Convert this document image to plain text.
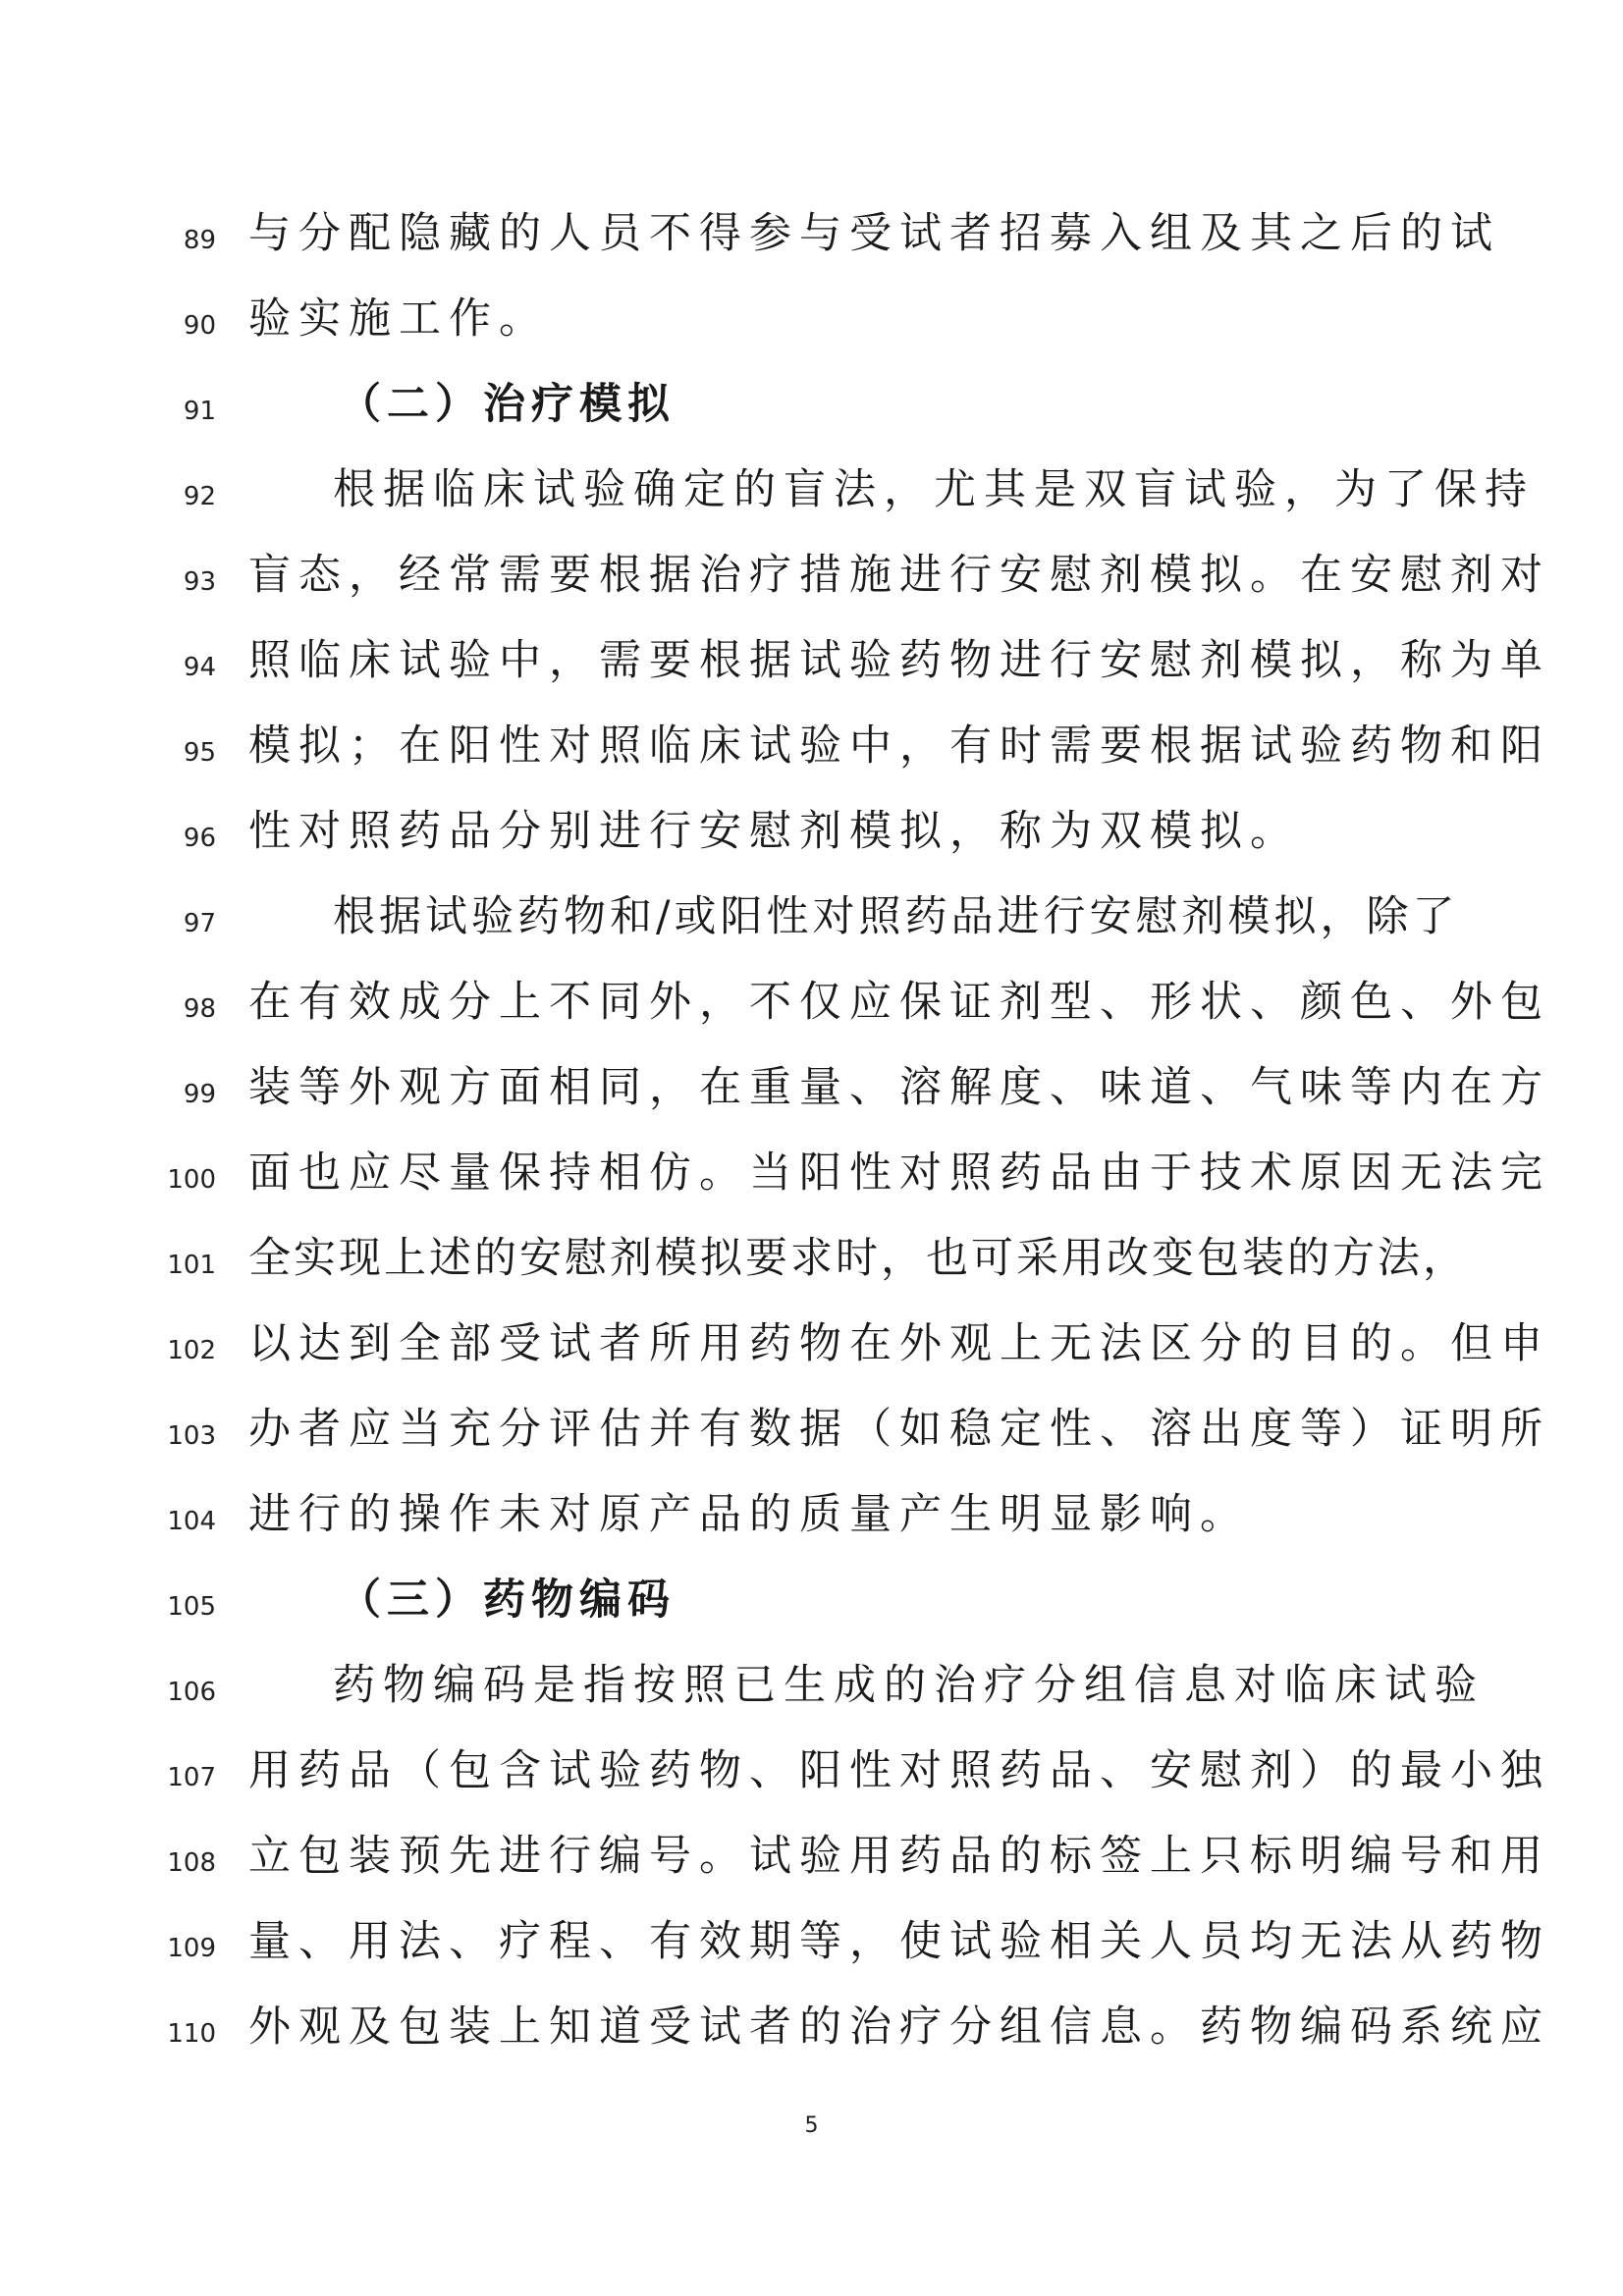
89 与分配隐藏的人员不得参与受试者招募入组及其之后的试
90 验实施工作。
91	（二）治疗模拟
92	根据临床试验确定的盲法，尤其是双盲试验，为了保持
93 盲态，经常需要根据治疗措施进行安慰剂模拟。在安慰剂对
94 照临床试验中，需要根据试验药物进行安慰剂模拟，称为单
95 模拟；在阳性对照临床试验中，有时需要根据试验药物和阳
96 性对照药品分别进行安慰剂模拟，称为双模拟。
97	根据试验药物和/或阳性对照药品进行安慰剂模拟，除了
98 在有效成分上不同外，不仅应保证剂型、形状、颜色、外包
99 装等外观方面相同，在重量、溶解度、味道、气味等内在方
100 面也应尽量保持相仿。当阳性对照药品由于技术原因无法完
101 全实现上述的安慰剂模拟要求时，也可采用改变包装的方法，
102 以达到全部受试者所用药物在外观上无法区分的目的。但申
103 办者应当充分评估并有数据（如稳定性、溶出度等）证明所
104 进行的操作未对原产品的质量产生明显影响。
105	（三）药物编码
106	药物编码是指按照已生成的治疗分组信息对临床试验
107 用药品（包含试验药物、阳性对照药品、安慰剂）的最小独
108 立包装预先进行编号。试验用药品的标签上只标明编号和用
109 量、用法、疗程、有效期等，使试验相关人员均无法从药物
110 外观及包装上知道受试者的治疗分组信息。药物编码系统应
5
